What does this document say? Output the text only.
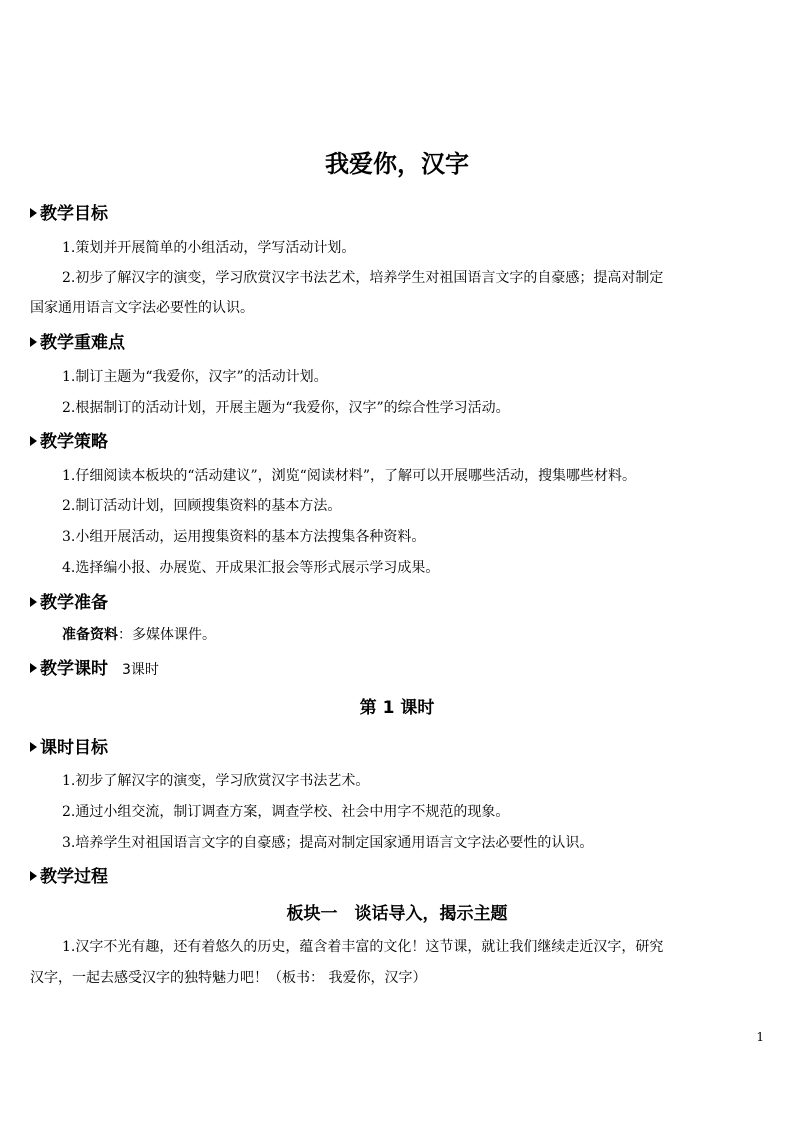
我爱你，汉字
教学目标
1.策划并开展简单的小组活动，学写活动计划。
2.初步了解汉字的演变，学习欣赏汉字书法艺术，培养学生对祖国语言文字的自豪感；提高对制定
国家通用语言文字法必要性的认识。
教学重难点
1.制订主题为“我爱你，汉字”的活动计划。
2.根据制订的活动计划，开展主题为“我爱你，汉字”的综合性学习活动。
教学策略
1.仔细阅读本板块的“活动建议”，浏览“阅读材料”，了解可以开展哪些活动，搜集哪些材料。
2.制订活动计划，回顾搜集资料的基本方法。
3.小组开展活动，运用搜集资料的基本方法搜集各种资料。
4.选择编小报、办展览、开成果汇报会等形式展示学习成果。
教学准备
准备资料：多媒体课件。
教学课时 3课时
第 1 课时
课时目标
1.初步了解汉字的演变，学习欣赏汉字书法艺术。
2.通过小组交流，制订调查方案，调查学校、社会中用字不规范的现象。
3.培养学生对祖国语言文字的自豪感；提高对制定国家通用语言文字法必要性的认识。
教学过程
板块一　谈话导入，揭示主题
1.汉字不光有趣，还有着悠久的历史，蕴含着丰富的文化！这节课，就让我们继续走近汉字，研究
汉字，一起去感受汉字的独特魅力吧！（板书： 我爱你，汉字）
1
